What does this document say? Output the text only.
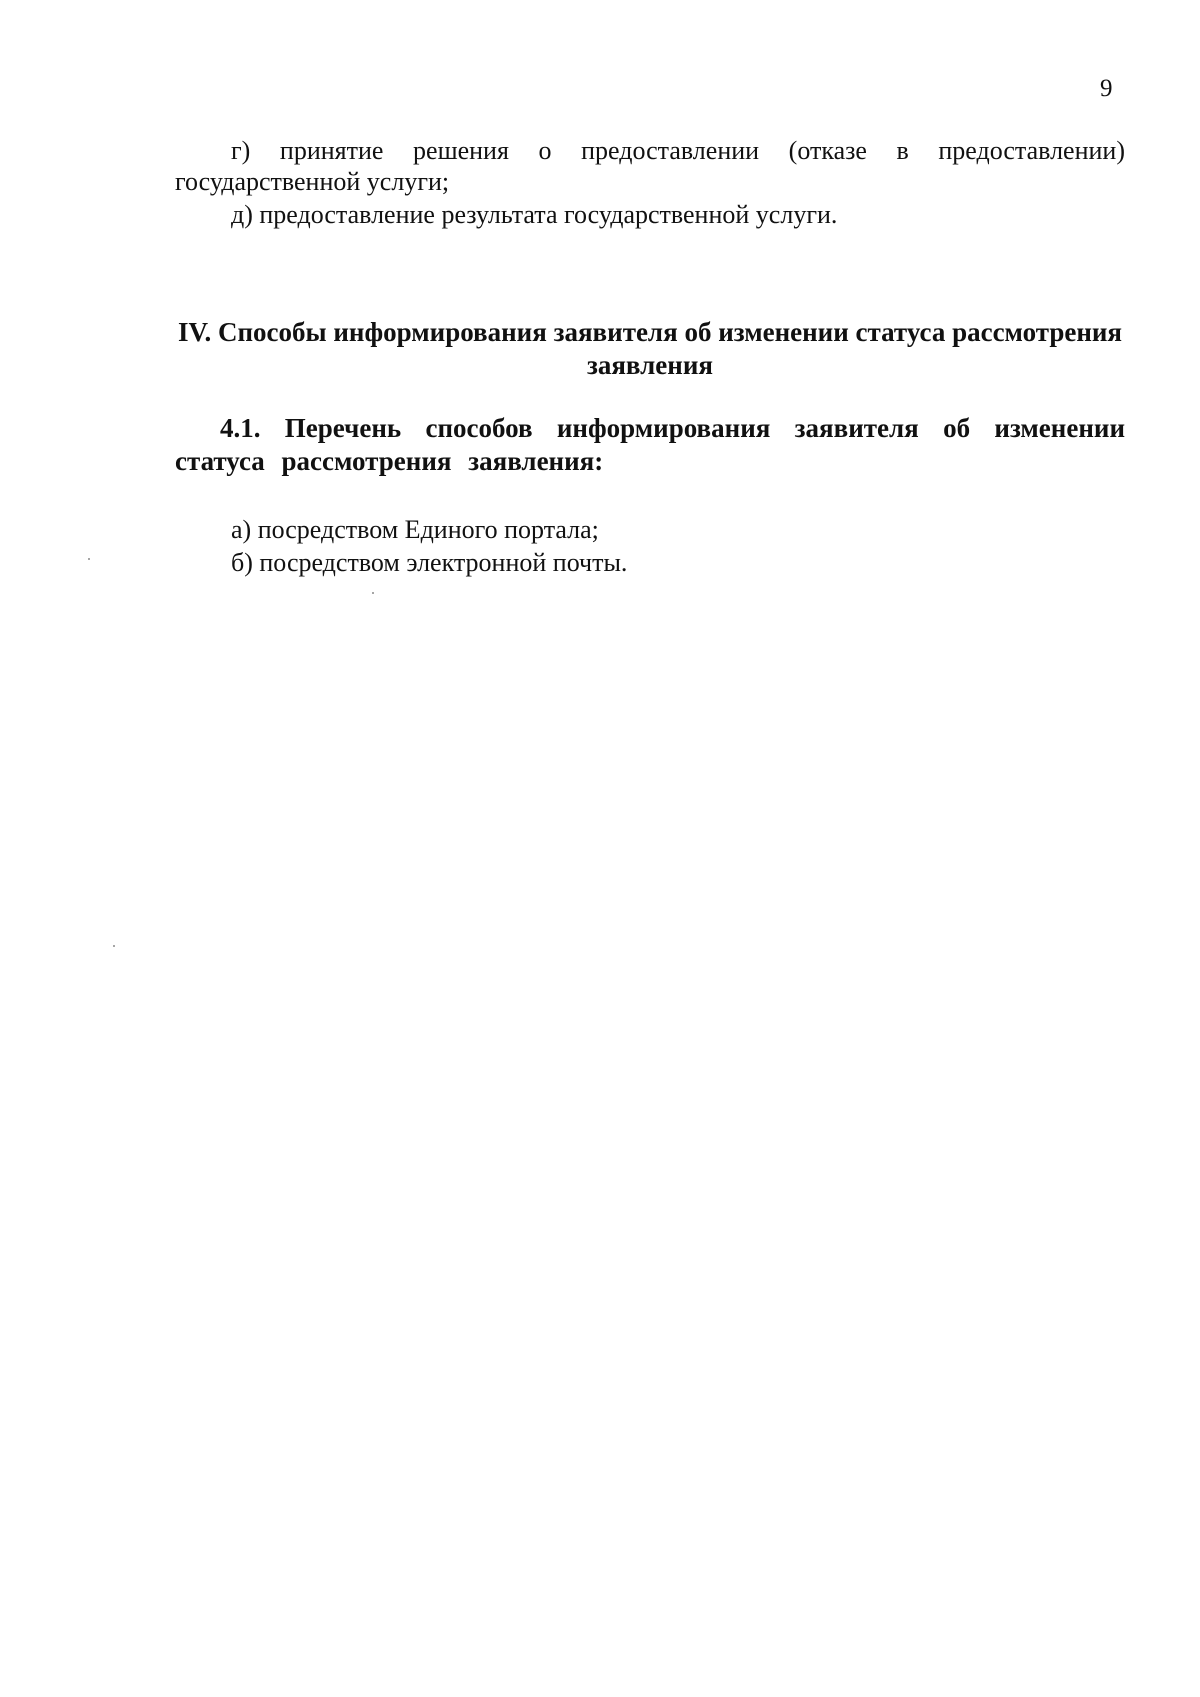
9

г) принятие решения о предоставлении (отказе в предоставлении) государственной услуги;

д) предоставление результата государственной услуги.

IV. Способы информирования заявителя об изменении статуса рассмотрения заявления
4.1. Перечень способов информирования заявителя об изменении статуса рассмотрения заявления:

а) посредством Единого портала;

б) посредством электронной почты.
